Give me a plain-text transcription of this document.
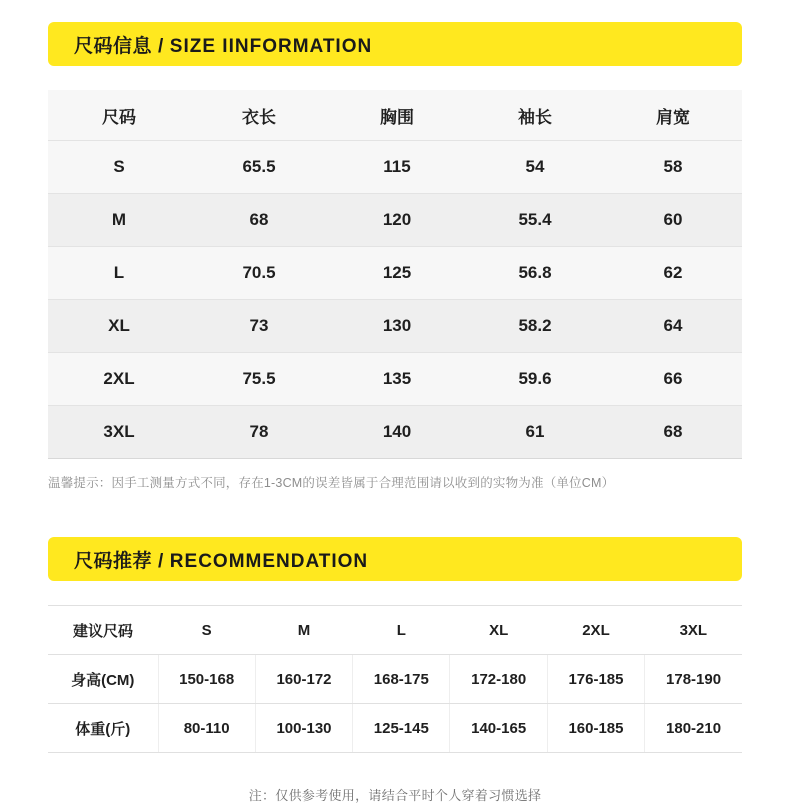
尺码信息 / SIZE IINFORMATION
尺码	衣长	胸围	袖长	肩宽
S	65.5	115	54	58
M	68	120	55.4	60
L	70.5	125	56.8	62
XL	73	130	58.2	64
2XL	75.5	135	59.6	66
3XL	78	140	61	68
温馨提示：因手工测量方式不同，存在1-3CM的误差皆属于合理范围请以收到的实物为准（单位CM）
尺码推荐 / RECOMMENDATION
建议尺码	S	M	L	XL	2XL	3XL
身高(CM)	150-168	160-172	168-175	172-180	176-185	178-190
体重(斤)	80-110	100-130	125-145	140-165	160-185	180-210
注：仅供参考使用，请结合平时个人穿着习惯选择
